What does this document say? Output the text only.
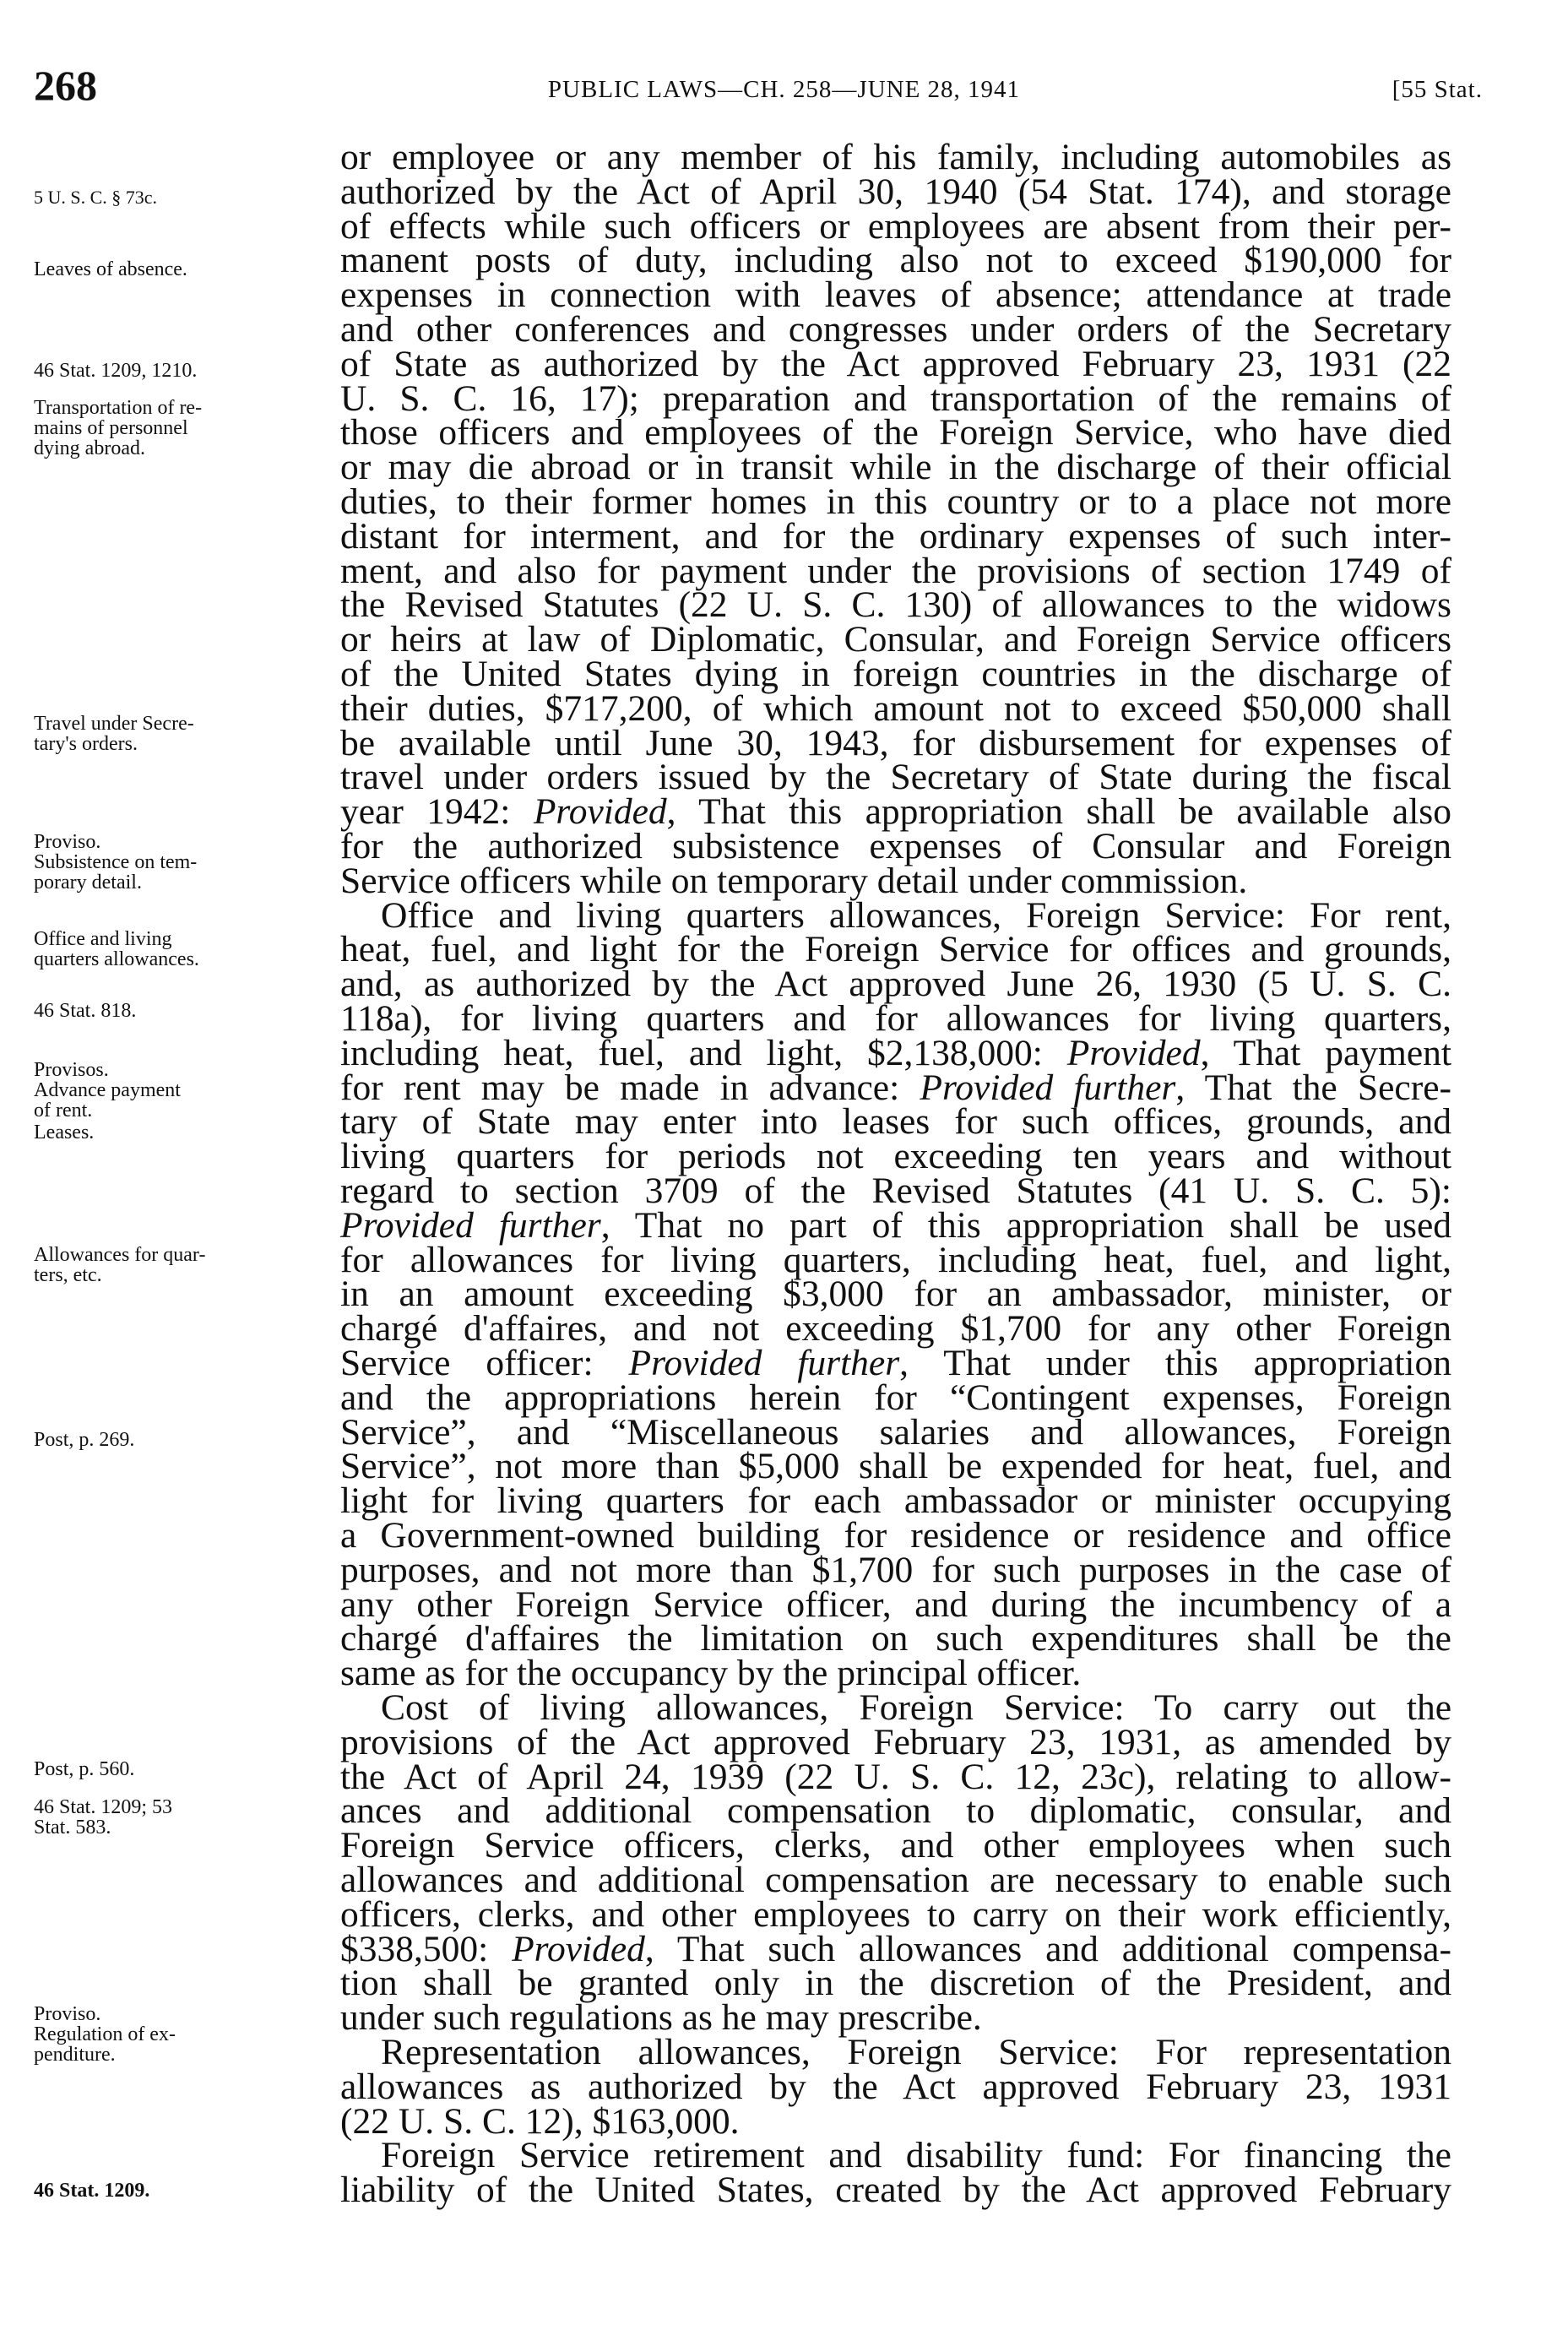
268	PUBLIC LAWS—CH. 258—JUNE 28, 1941	[55 Stat.
5 U. S. C. § 73c.
Leaves of absence.
46 Stat. 1209, 1210.
Transportation of re-
mains of personnel
dying abroad.
Travel under Secre-
tary's orders.
Proviso.
Subsistence on tem-
porary detail.
Office and living
quarters allowances.
46 Stat. 818.
Provisos.
Advance payment
of rent.
Leases.
Allowances for quar-
ters, etc.
Post, p. 269.
Post, p. 560.
46 Stat. 1209; 53
Stat. 583.
Proviso.
Regulation of ex-
penditure.
46 Stat. 1209.
or employee or any member of his family, including automobiles as
authorized by the Act of April 30, 1940 (54 Stat. 174), and storage
of effects while such officers or employees are absent from their per-
manent posts of duty, including also not to exceed $190,000 for
expenses in connection with leaves of absence; attendance at trade
and other conferences and congresses under orders of the Secretary
of State as authorized by the Act approved February 23, 1931 (22
U. S. C. 16, 17); preparation and transportation of the remains of
those officers and employees of the Foreign Service, who have died
or may die abroad or in transit while in the discharge of their official
duties, to their former homes in this country or to a place not more
distant for interment, and for the ordinary expenses of such inter-
ment, and also for payment under the provisions of section 1749 of
the Revised Statutes (22 U. S. C. 130) of allowances to the widows
or heirs at law of Diplomatic, Consular, and Foreign Service officers
of the United States dying in foreign countries in the discharge of
their duties, $717,200, of which amount not to exceed $50,000 shall
be available until June 30, 1943, for disbursement for expenses of
travel under orders issued by the Secretary of State during the fiscal
year 1942: Provided, That this appropriation shall be available also
for the authorized subsistence expenses of Consular and Foreign
Service officers while on temporary detail under commission.
Office and living quarters allowances, Foreign Service: For rent,
heat, fuel, and light for the Foreign Service for offices and grounds,
and, as authorized by the Act approved June 26, 1930 (5 U. S. C.
118a), for living quarters and for allowances for living quarters,
including heat, fuel, and light, $2,138,000: Provided, That payment
for rent may be made in advance: Provided further, That the Secre-
tary of State may enter into leases for such offices, grounds, and
living quarters for periods not exceeding ten years and without
regard to section 3709 of the Revised Statutes (41 U. S. C. 5):
Provided further, That no part of this appropriation shall be used
for allowances for living quarters, including heat, fuel, and light,
in an amount exceeding $3,000 for an ambassador, minister, or
chargé d'affaires, and not exceeding $1,700 for any other Foreign
Service officer: Provided further, That under this appropriation
and the appropriations herein for “Contingent expenses, Foreign
Service”, and “Miscellaneous salaries and allowances, Foreign
Service”, not more than $5,000 shall be expended for heat, fuel, and
light for living quarters for each ambassador or minister occupying
a Government-owned building for residence or residence and office
purposes, and not more than $1,700 for such purposes in the case of
any other Foreign Service officer, and during the incumbency of a
chargé d'affaires the limitation on such expenditures shall be the
same as for the occupancy by the principal officer.
Cost of living allowances, Foreign Service: To carry out the
provisions of the Act approved February 23, 1931, as amended by
the Act of April 24, 1939 (22 U. S. C. 12, 23c), relating to allow-
ances and additional compensation to diplomatic, consular, and
Foreign Service officers, clerks, and other employees when such
allowances and additional compensation are necessary to enable such
officers, clerks, and other employees to carry on their work efficiently,
$338,500: Provided, That such allowances and additional compensa-
tion shall be granted only in the discretion of the President, and
under such regulations as he may prescribe.
Representation allowances, Foreign Service: For representation
allowances as authorized by the Act approved February 23, 1931
(22 U. S. C. 12), $163,000.
Foreign Service retirement and disability fund: For financing the
liability of the United States, created by the Act approved February
